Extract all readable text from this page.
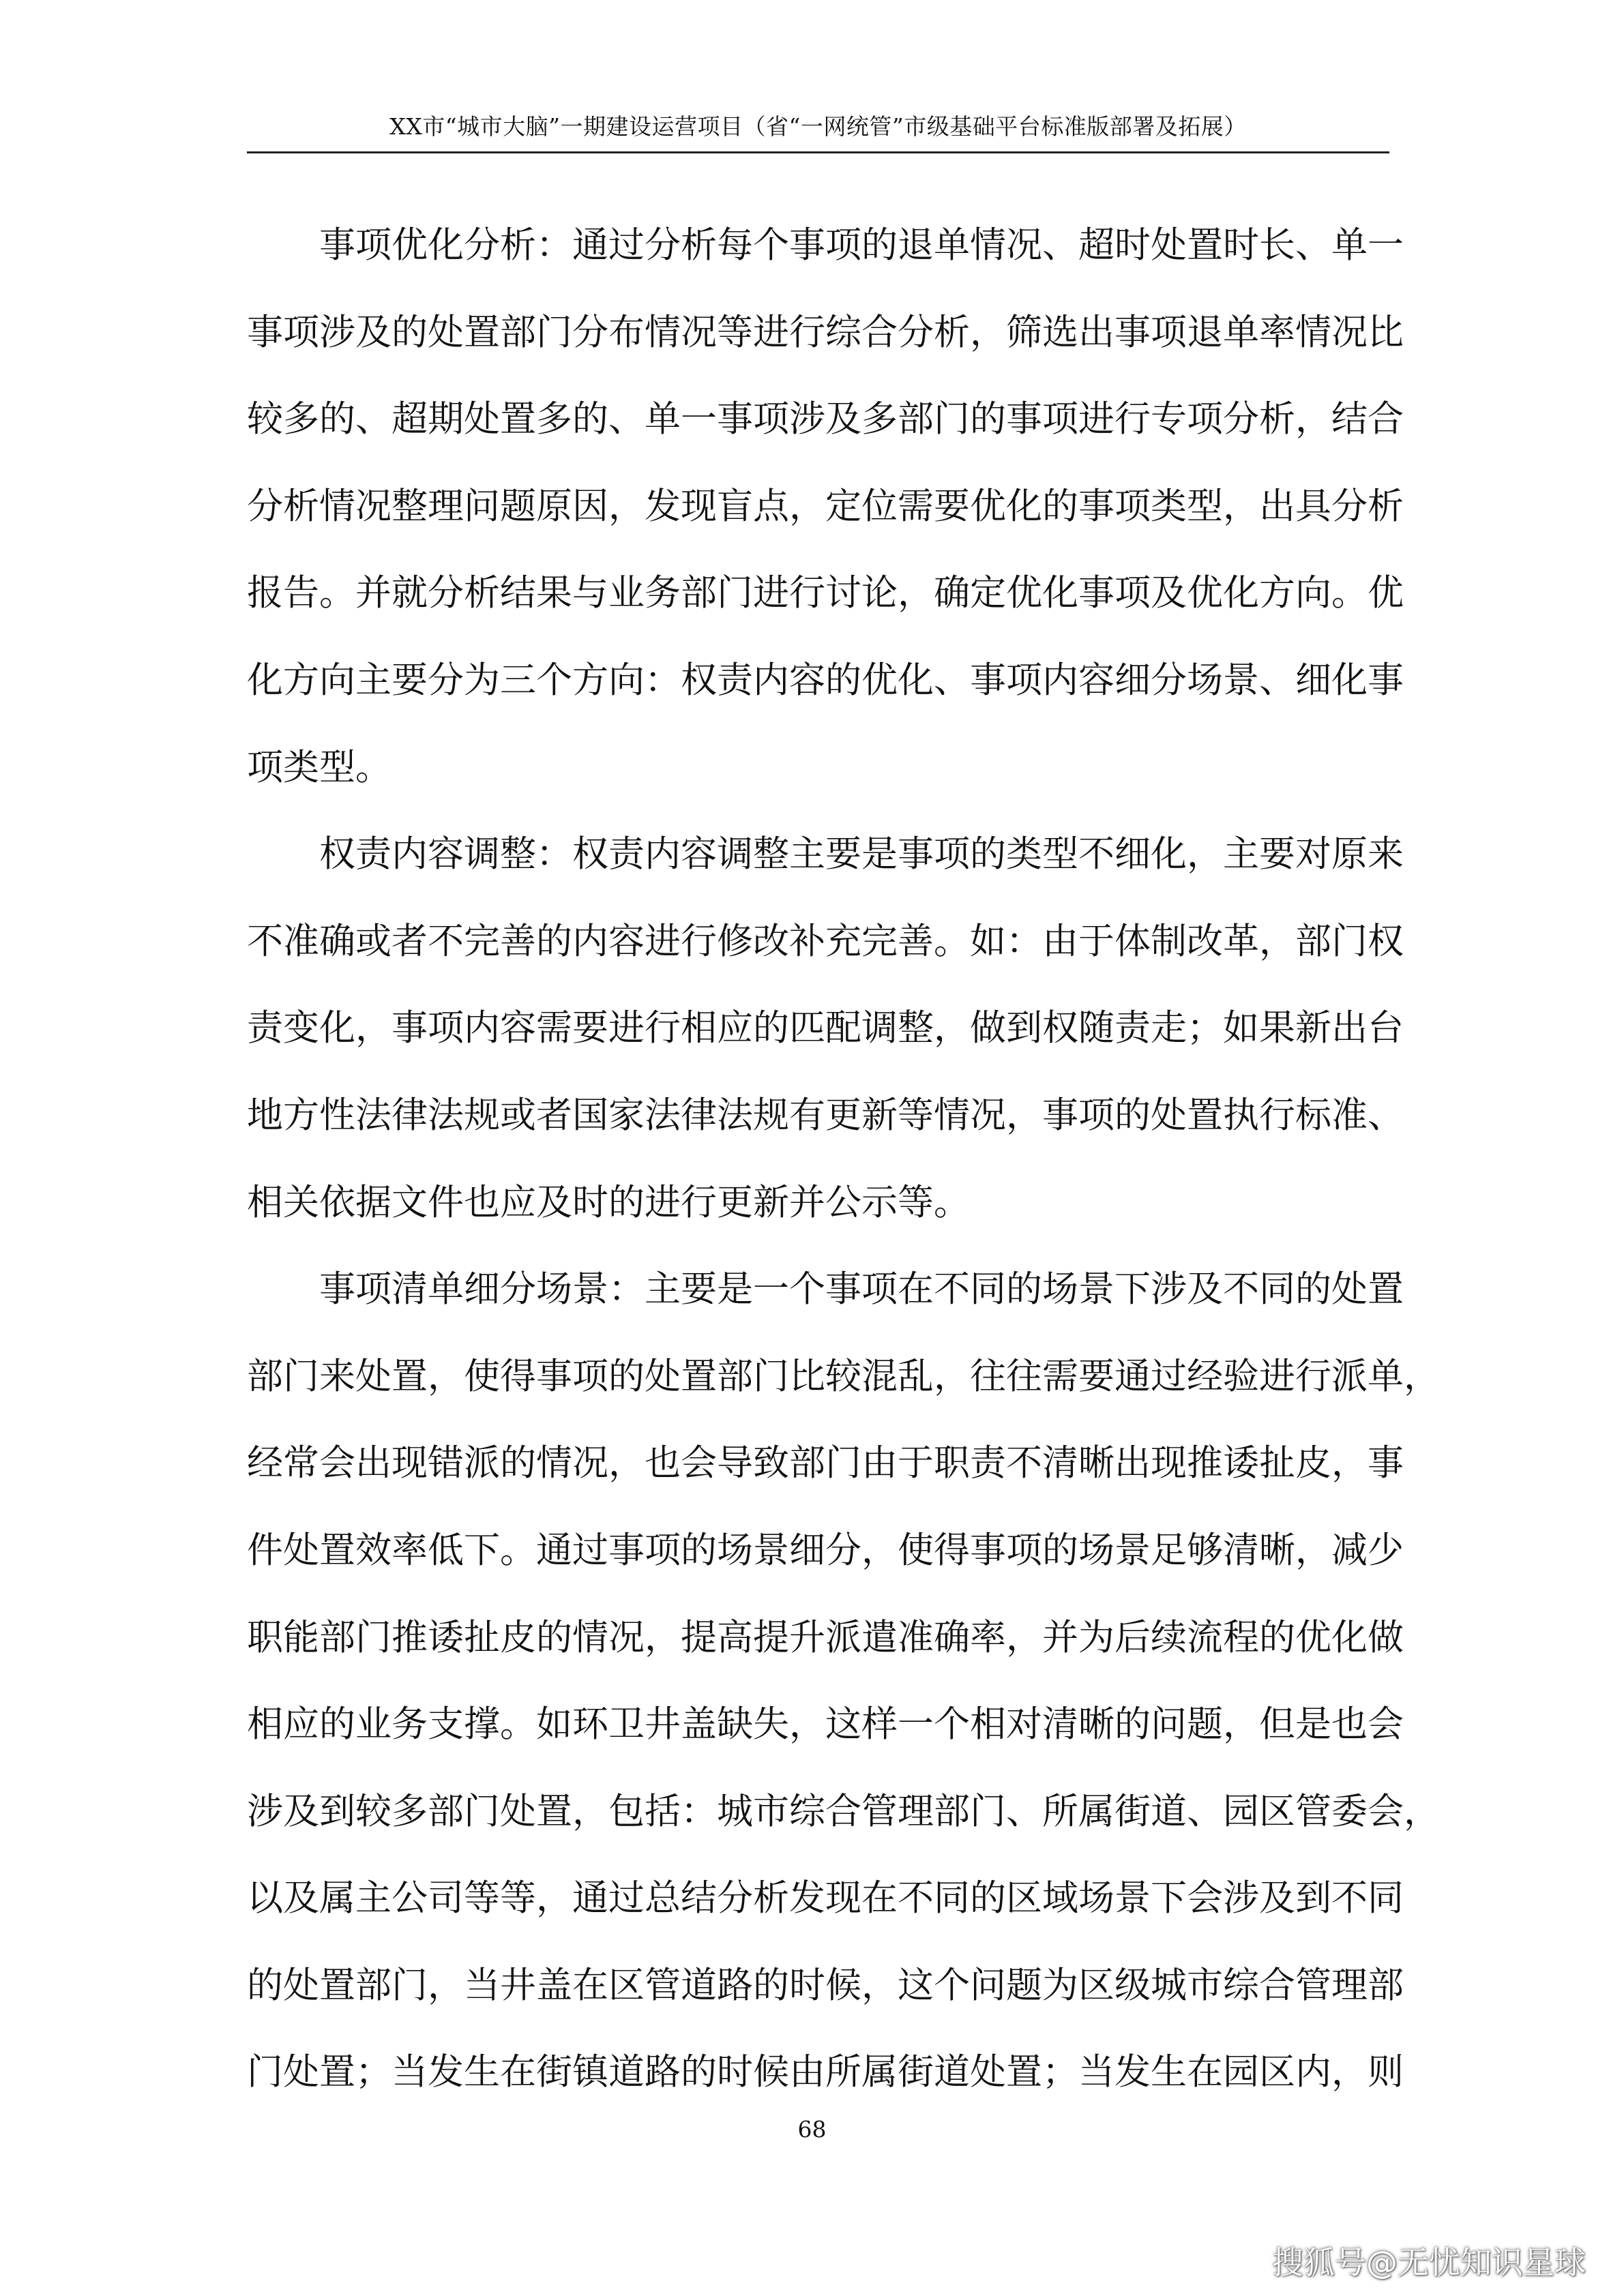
XX市“城市大脑”一期建设运营项目（省“一网统管”市级基础平台标准版部署及拓展）
事项优化分析：通过分析每个事项的退单情况、超时处置时长、单一
事项涉及的处置部门分布情况等进行综合分析，筛选出事项退单率情况比
较多的、超期处置多的、单一事项涉及多部门的事项进行专项分析，结合
分析情况整理问题原因，发现盲点，定位需要优化的事项类型，出具分析
报告。并就分析结果与业务部门进行讨论，确定优化事项及优化方向。优
化方向主要分为三个方向：权责内容的优化、事项内容细分场景、细化事
项类型。
权责内容调整：权责内容调整主要是事项的类型不细化，主要对原来
不准确或者不完善的内容进行修改补充完善。如：由于体制改革，部门权
责变化，事项内容需要进行相应的匹配调整，做到权随责走；如果新出台
地方性法律法规或者国家法律法规有更新等情况，事项的处置执行标准、
相关依据文件也应及时的进行更新并公示等。
事项清单细分场景：主要是一个事项在不同的场景下涉及不同的处置
部门来处置，使得事项的处置部门比较混乱，往往需要通过经验进行派单，
经常会出现错派的情况，也会导致部门由于职责不清晰出现推诿扯皮，事
件处置效率低下。通过事项的场景细分，使得事项的场景足够清晰，减少
职能部门推诿扯皮的情况，提高提升派遣准确率，并为后续流程的优化做
相应的业务支撑。如环卫井盖缺失，这样一个相对清晰的问题，但是也会
涉及到较多部门处置，包括：城市综合管理部门、所属街道、园区管委会，
以及属主公司等等，通过总结分析发现在不同的区域场景下会涉及到不同
的处置部门，当井盖在区管道路的时候，这个问题为区级城市综合管理部
门处置；当发生在街镇道路的时候由所属街道处置；当发生在园区内，则
68
搜狐号@无忧知识星球
